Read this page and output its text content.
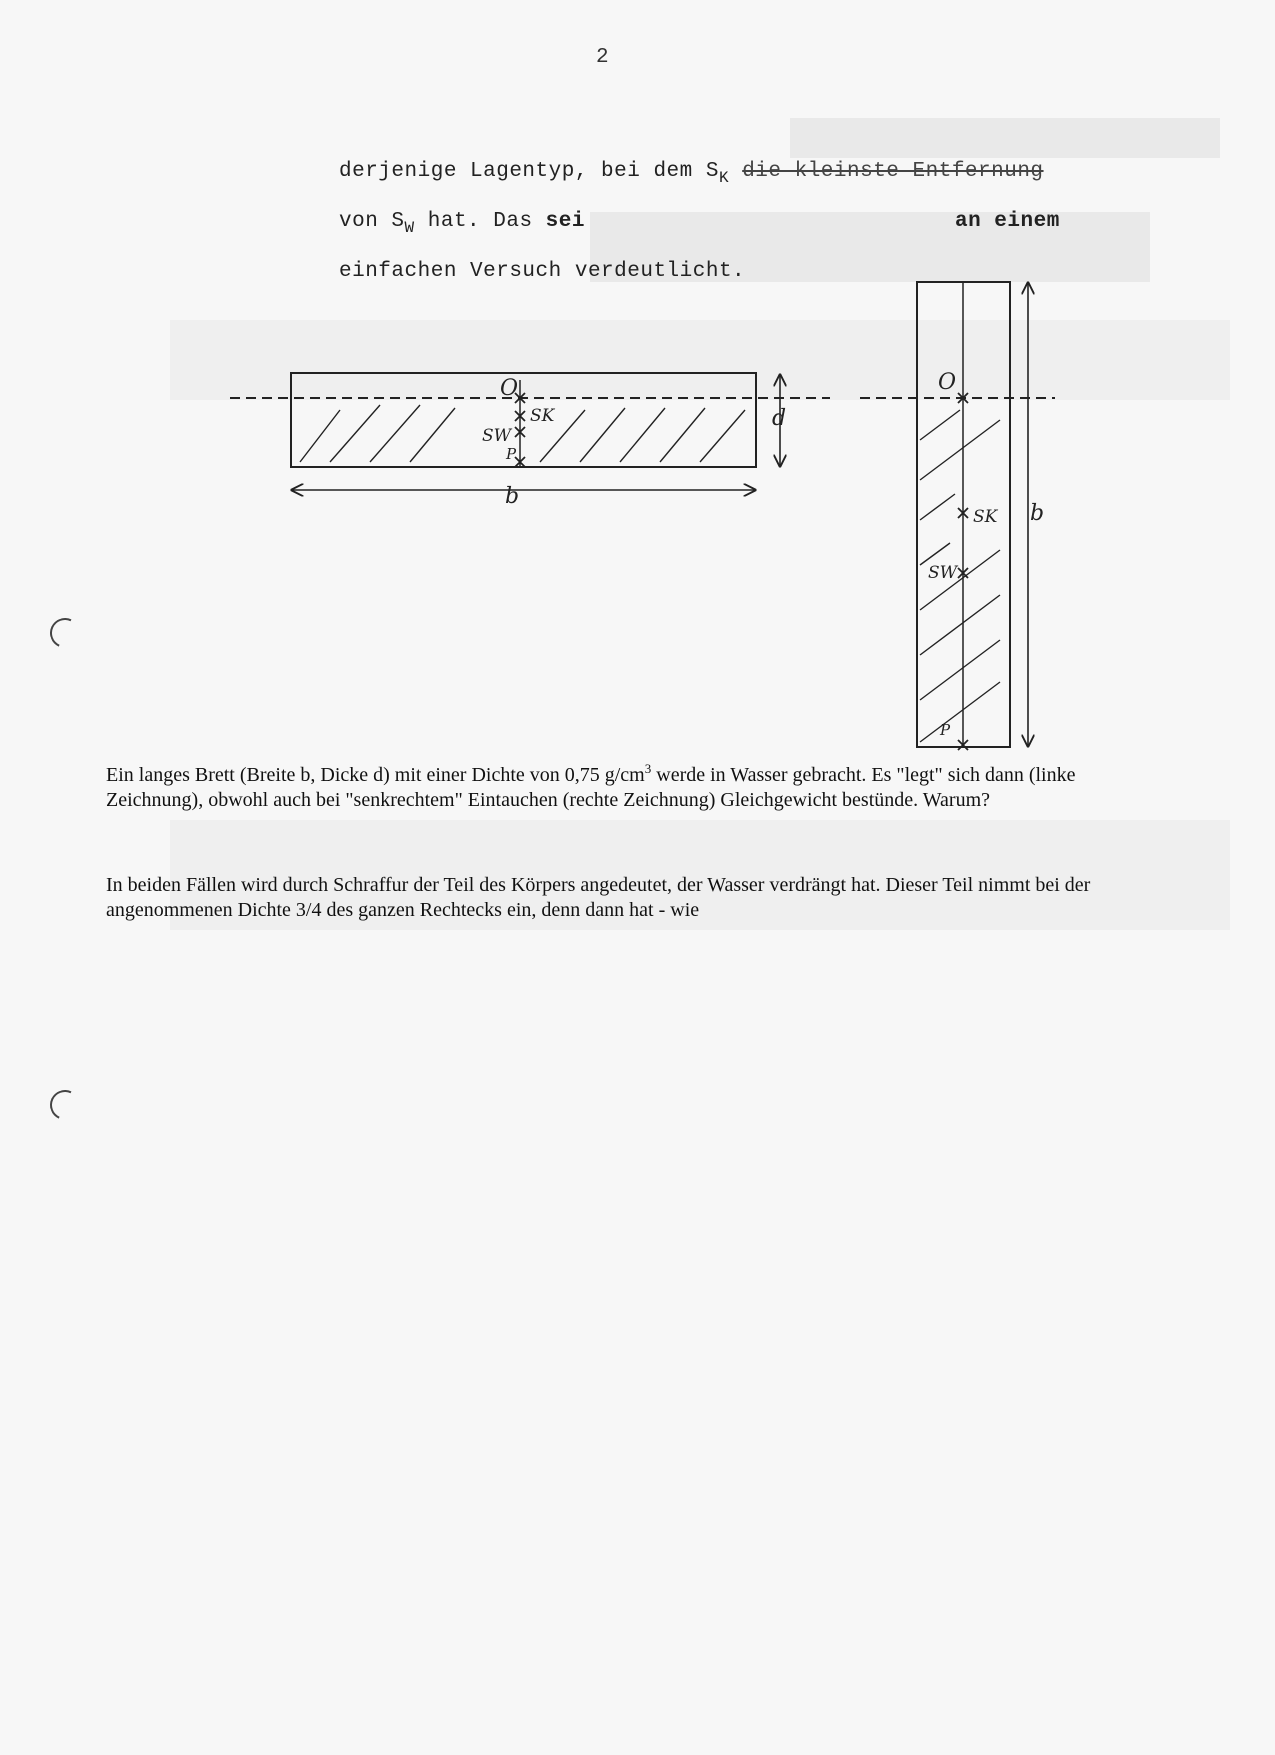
2
derjenige Lagentyp, bei dem $S_K$ die kleinste Entfernung
von $S_W$ hat. Das sei	an einem
einfachen Versuch verdeutlicht.
O
SK
SW
P
d
b
O
SK
SW
P
b

Ein langes Brett (Breite b, Dicke d) mit einer Dichte von 0,75 $g/cm^3$ werde in Wasser gebracht. Es "legt" sich dann (linke Zeichnung), obwohl auch bei "senkrechtem" Eintauchen (rechte Zeichnung) Gleichgewicht bestünde. Warum?

In beiden Fällen wird durch Schraffur der Teil des Körpers angedeutet, der Wasser verdrängt hat. Dieser Teil nimmt bei der angenommenen Dichte 3/4 des ganzen Rechtecks ein, denn dann hat - wie
